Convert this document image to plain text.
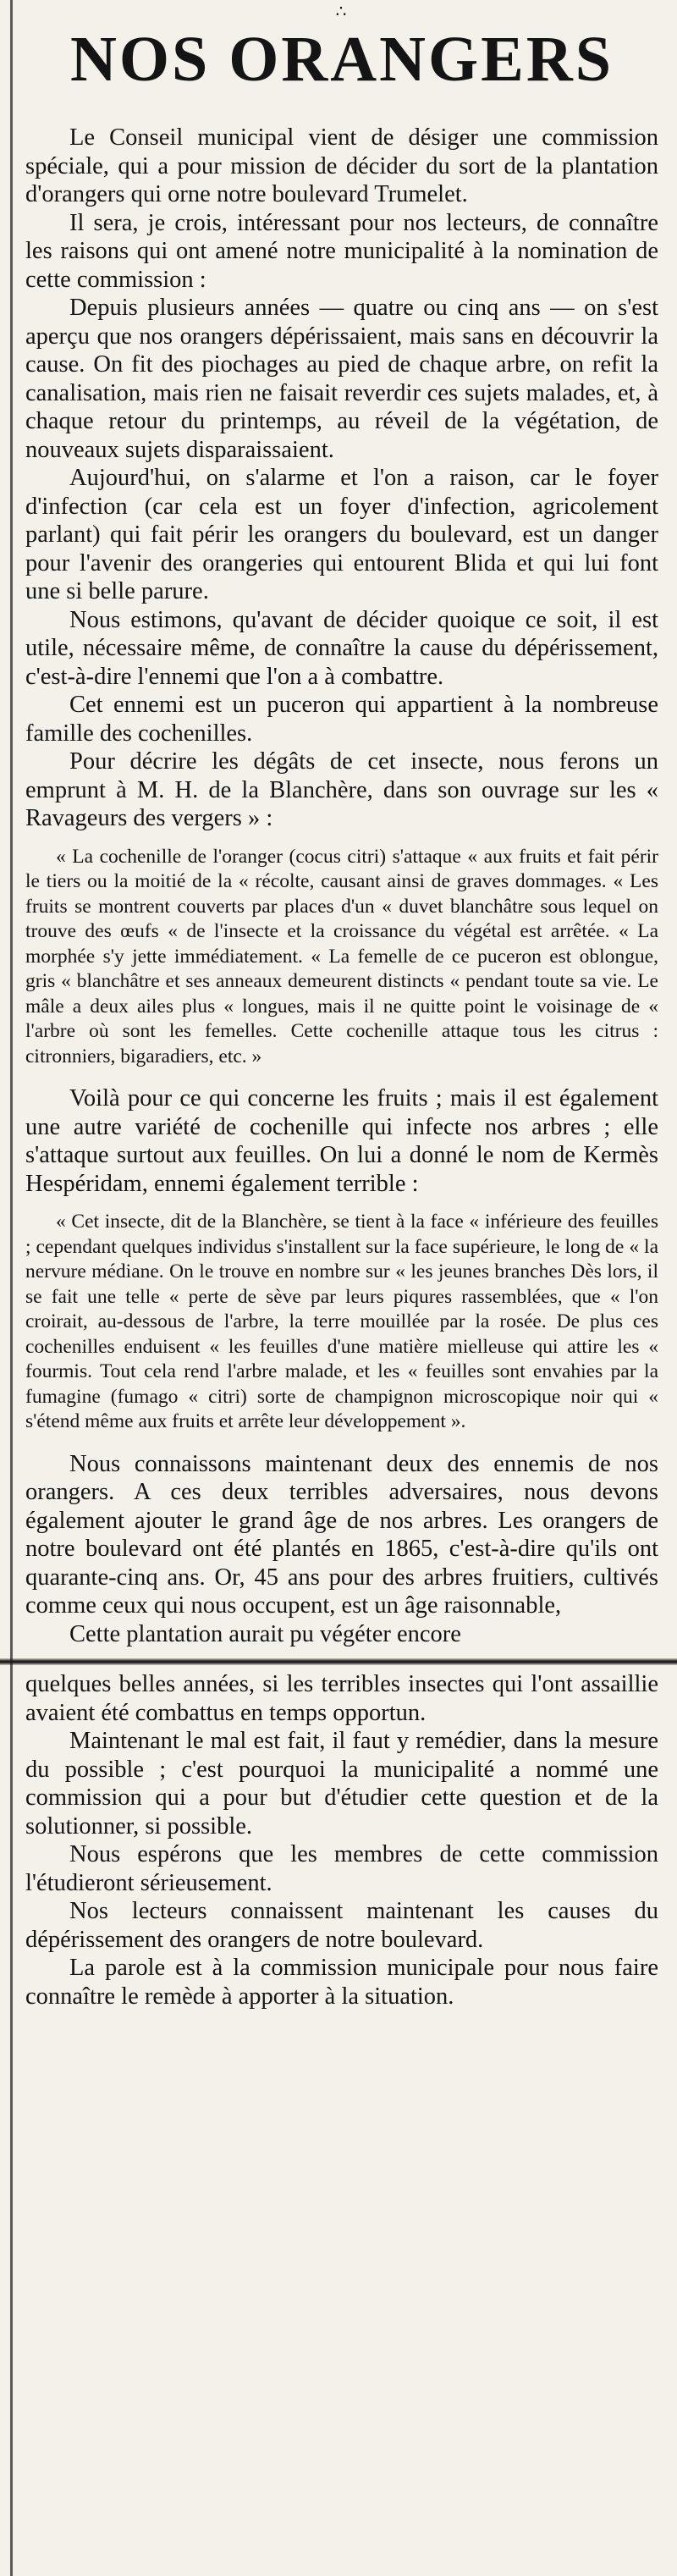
∴
NOS ORANGERS

Le Conseil municipal vient de désiger une commission spéciale, qui a pour mission de décider du sort de la plantation d'orangers qui orne notre boulevard Trumelet.

Il sera, je crois, intéressant pour nos lecteurs, de connaître les raisons qui ont amené notre municipalité à la nomination de cette commission :

Depuis plusieurs années — quatre ou cinq ans — on s'est aperçu que nos orangers dépérissaient, mais sans en découvrir la cause. On fit des piochages au pied de chaque arbre, on refit la canalisation, mais rien ne faisait reverdir ces sujets malades, et, à chaque retour du printemps, au réveil de la végétation, de nouveaux sujets disparaissaient.

Aujourd'hui, on s'alarme et l'on a raison, car le foyer d'infection (car cela est un foyer d'infection, agricolement parlant) qui fait périr les orangers du boulevard, est un danger pour l'avenir des orangeries qui entourent Blida et qui lui font une si belle parure.

Nous estimons, qu'avant de décider quoique ce soit, il est utile, nécessaire même, de connaître la cause du dépérissement, c'est-à-dire l'ennemi que l'on a à combattre.

Cet ennemi est un puceron qui appartient à la nombreuse famille des cochenilles.

Pour décrire les dégâts de cet insecte, nous ferons un emprunt à M. H. de la Blanchère, dans son ouvrage sur les « Ravageurs des vergers » :

« La cochenille de l'oranger (cocus citri) s'attaque « aux fruits et fait périr le tiers ou la moitié de la « récolte, causant ainsi de graves dommages. « Les fruits se montrent couverts par places d'un « duvet blanchâtre sous lequel on trouve des œufs « de l'insecte et la croissance du végétal est arrêtée. « La morphée s'y jette immédiatement. « La femelle de ce puceron est oblongue, gris « blanchâtre et ses anneaux demeurent distincts « pendant toute sa vie. Le mâle a deux ailes plus « longues, mais il ne quitte point le voisinage de « l'arbre où sont les femelles. Cette cochenille attaque tous les citrus : citronniers, bigaradiers, etc. »

Voilà pour ce qui concerne les fruits ; mais il est également une autre variété de cochenille qui infecte nos arbres ; elle s'attaque surtout aux feuilles. On lui a donné le nom de Kermès Hespéridam, ennemi également terrible :

« Cet insecte, dit de la Blanchère, se tient à la face « inférieure des feuilles ; cependant quelques individus s'installent sur la face supérieure, le long de « la nervure médiane. On le trouve en nombre sur « les jeunes branches Dès lors, il se fait une telle « perte de sève par leurs piqures rassemblées, que « l'on croirait, au-dessous de l'arbre, la terre mouillée par la rosée. De plus ces cochenilles enduisent « les feuilles d'une matière mielleuse qui attire les « fourmis. Tout cela rend l'arbre malade, et les « feuilles sont envahies par la fumagine (fumago « citri) sorte de champignon microscopique noir qui « s'étend même aux fruits et arrête leur développement ».

Nous connaissons maintenant deux des ennemis de nos orangers. A ces deux terribles adversaires, nous devons également ajouter le grand âge de nos arbres. Les orangers de notre boulevard ont été plantés en 1865, c'est-à-dire qu'ils ont quarante-cinq ans. Or, 45 ans pour des arbres fruitiers, cultivés comme ceux qui nous occupent, est un âge raisonnable,

Cette plantation aurait pu végéter encore

quelques belles années, si les terribles insectes qui l'ont assaillie avaient été combattus en temps opportun.

Maintenant le mal est fait, il faut y remédier, dans la mesure du possible ; c'est pourquoi la municipalité a nommé une commission qui a pour but d'étudier cette question et de la solutionner, si possible.

Nous espérons que les membres de cette commission l'étudieront sérieusement.

Nos lecteurs connaissent maintenant les causes du dépérissement des orangers de notre boulevard.

La parole est à la commission municipale pour nous faire connaître le remède à apporter à la situation.
